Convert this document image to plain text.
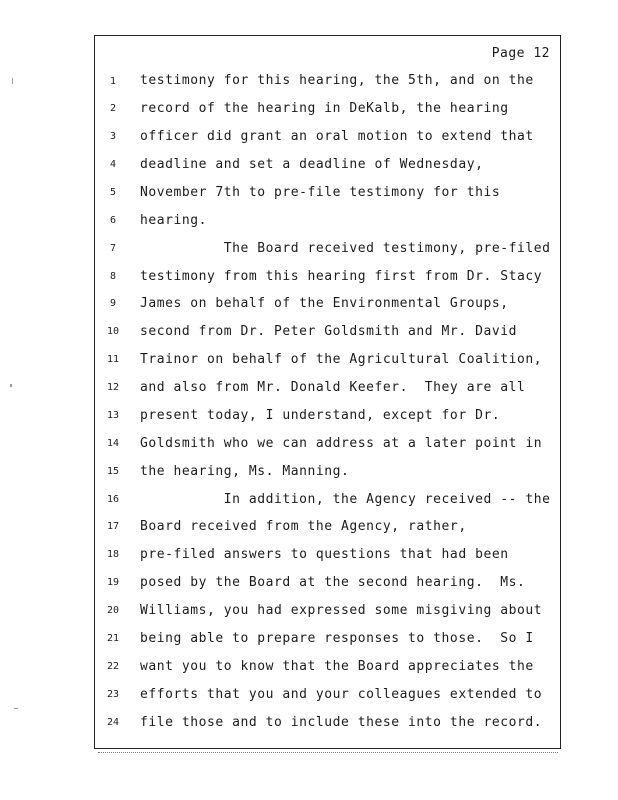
Page 12
1	testimony for this hearing, the 5th, and on the
2	record of the hearing in DeKalb, the hearing
3	officer did grant an oral motion to extend that
4	deadline and set a deadline of Wednesday,
5	November 7th to pre-file testimony for this
6	hearing.
7	The Board received testimony, pre-filed
8	testimony from this hearing first from Dr. Stacy
9	James on behalf of the Environmental Groups,
10	second from Dr. Peter Goldsmith and Mr. David
11	Trainor on behalf of the Agricultural Coalition,
12	and also from Mr. Donald Keefer.  They are all
13	present today, I understand, except for Dr.
14	Goldsmith who we can address at a later point in
15	the hearing, Ms. Manning.
16	In addition, the Agency received -- the
17	Board received from the Agency, rather,
18	pre-filed answers to questions that had been
19	posed by the Board at the second hearing.  Ms.
20	Williams, you had expressed some misgiving about
21	being able to prepare responses to those.  So I
22	want you to know that the Board appreciates the
23	efforts that you and your colleagues extended to
24	file those and to include these into the record.
